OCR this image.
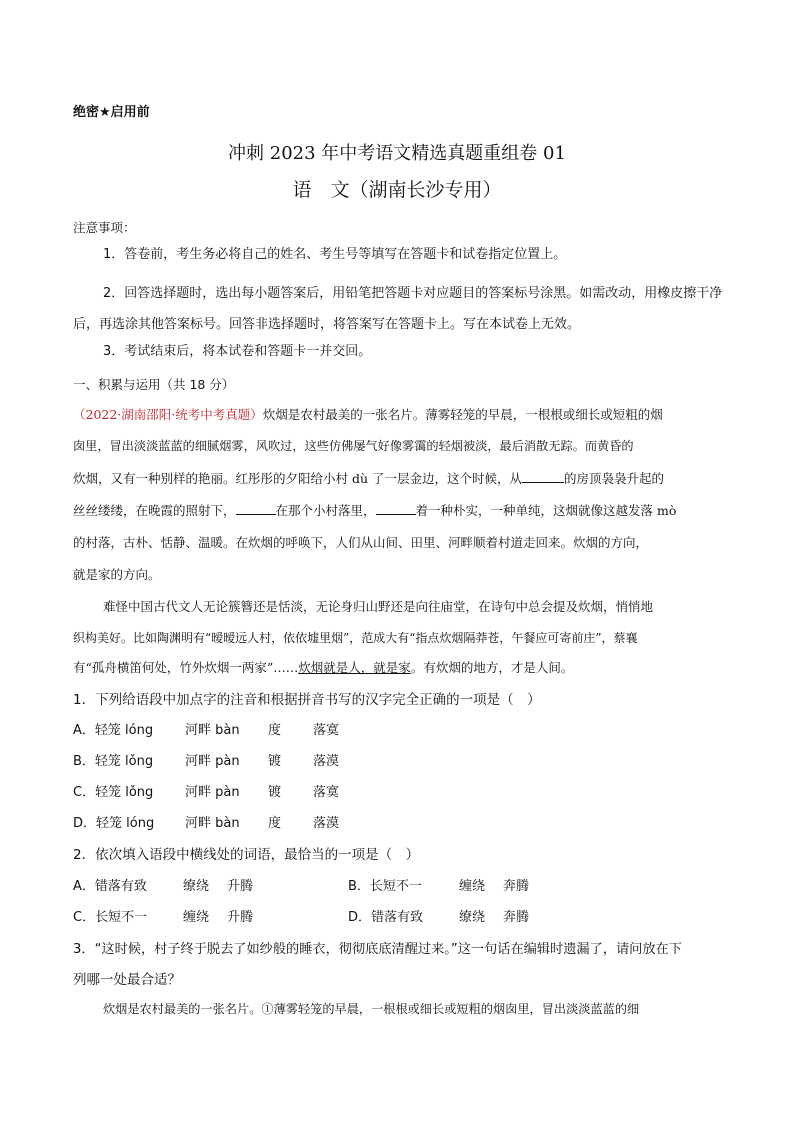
绝密★启用前
冲刺 2023 年中考语文精选真题重组卷 01
语　文（湖南长沙专用）
注意事项：
1．答卷前，考生务必将自己的姓名、考生号等填写在答题卡和试卷指定位置上。
2．回答选择题时，选出每小题答案后，用铅笔把答题卡对应题目的答案标号涂黑。如需改动，用橡皮擦干净后，再选涂其他答案标号。回答非选择题时，将答案写在答题卡上。写在本试卷上无效。
3．考试结束后，将本试卷和答题卡一并交回。
一、积累与运用（共 18 分）
（2022·湖南邵阳·统考中考真题）炊烟是农村最美的一张名片。薄雾轻笼的早晨，一根根或细长或短粗的烟
囱里，冒出淡淡蓝蓝的细腻烟雾，风吹过，这些仿佛屡气好像雾霭的轻烟被淡，最后消散无踪。而黄昏的
炊烟，又有一种别样的艳丽。红彤彤的夕阳给小村 dù 了一层金边，这个时候，从	的房顶袅袅升起的
丝丝缕缕，在晚霞的照射下，	在那个小村落里，	着一种朴实，一种单纯，这烟就像这越发落 mò
的村落，古朴、恬静、温暖。在炊烟的呼唤下，人们从山间、田里、河畔顺着村道走回来。炊烟的方向，
就是家的方向。
难怪中国古代文人无论簇簪还是恬淡，无论身归山野还是向往庙堂，在诗句中总会提及炊烟，悄悄地
织构美好。比如陶渊明有“暧暧远人村，依依墟里烟”，范成大有“指点炊烟隔莽苍，午餐应可寄前庄”，蔡襄
有“孤舟横笛何处，竹外炊烟一两家”……炊烟就是人，就是家。有炊烟的地方，才是人间。
1．下列给语段中加点字的注音和根据拼音书写的汉字完全正确的一项是（　）
A．轻笼 lóng 河畔 bàn 度 落寞
B．轻笼 lǒng 河畔 pàn 镀 落漠
C．轻笼 lǒng 河畔 pàn 镀 落寞
D．轻笼 lóng 河畔 bàn 度 落漠
2．依次填入语段中横线处的词语，最恰当的一项是（　）
A．错落有致	缭绕 升腾	B．长短不一	缠绕 奔腾
C．长短不一	缠绕 升腾	D．错落有致	缭绕 奔腾
3．“这时候，村子终于脱去了如纱般的睡衣，彻彻底底清醒过来。”这一句话在编辑时遗漏了，请问放在下
列哪一处最合适？
炊烟是农村最美的一张名片。①薄雾轻笼的早晨，一根根或细长或短粗的烟囱里，冒出淡淡蓝蓝的细
